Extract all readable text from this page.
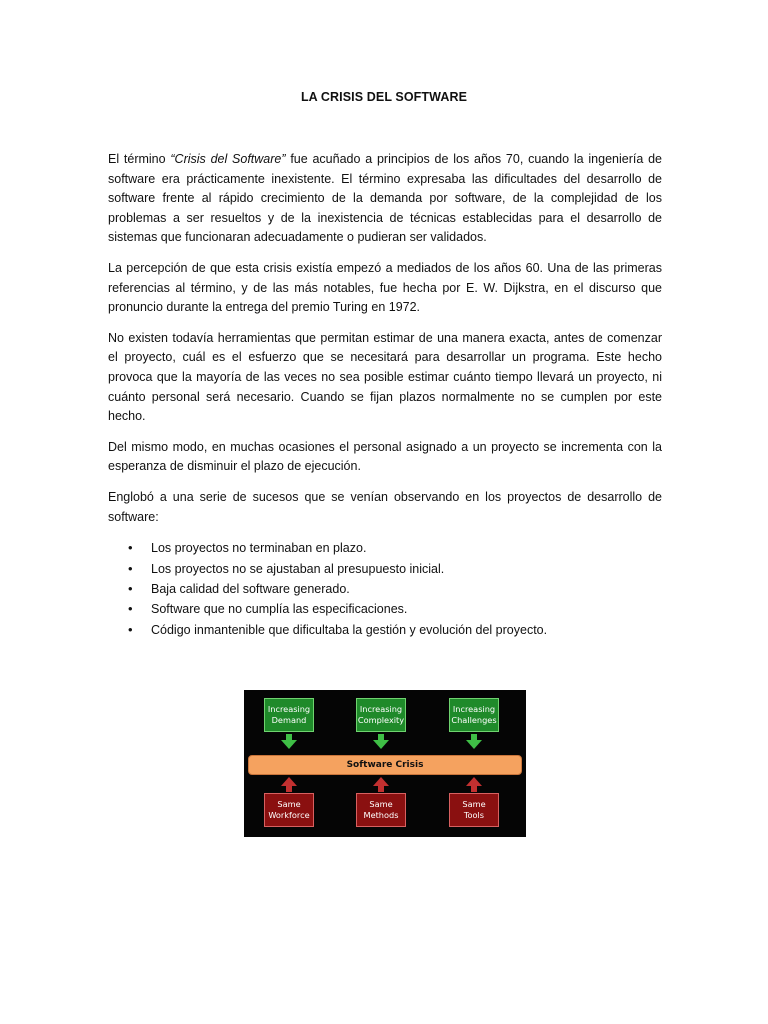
LA CRISIS DEL SOFTWARE

El término “Crisis del Software” fue acuñado a principios de los años 70, cuando la ingeniería de software era prácticamente inexistente. El término expresaba las dificultades del desarrollo de software frente al rápido crecimiento de la demanda por software, de la complejidad de los problemas a ser resueltos y de la inexistencia de técnicas establecidas para el desarrollo de sistemas que funcionaran adecuadamente o pudieran ser validados.

La percepción de que esta crisis existía empezó a mediados de los años 60. Una de las primeras referencias al término, y de las más notables, fue hecha por E. W. Dijkstra, en el discurso que pronuncio durante la entrega del premio Turing en 1972.

No existen todavía herramientas que permitan estimar de una manera exacta, antes de comenzar el proyecto, cuál es el esfuerzo que se necesitará para desarrollar un programa. Este hecho provoca que la mayoría de las veces no sea posible estimar cuánto tiempo llevará un proyecto, ni cuánto personal será necesario. Cuando se fijan plazos normalmente no se cumplen por este hecho.

Del mismo modo, en muchas ocasiones el personal asignado a un proyecto se incrementa con la esperanza de disminuir el plazo de ejecución.

Englobó a una serie de sucesos que se venían observando en los proyectos de desarrollo de software:

• Los proyectos no terminaban en plazo.
• Los proyectos no se ajustaban al presupuesto inicial.
• Baja calidad del software generado.
• Software que no cumplía las especificaciones.
• Código inmantenible que dificultaba la gestión y evolución del proyecto.
Increasing
Demand
Increasing
Complexity
Increasing
Challenges
Software Crisis
Same
Workforce
Same
Methods
Same
Tools
